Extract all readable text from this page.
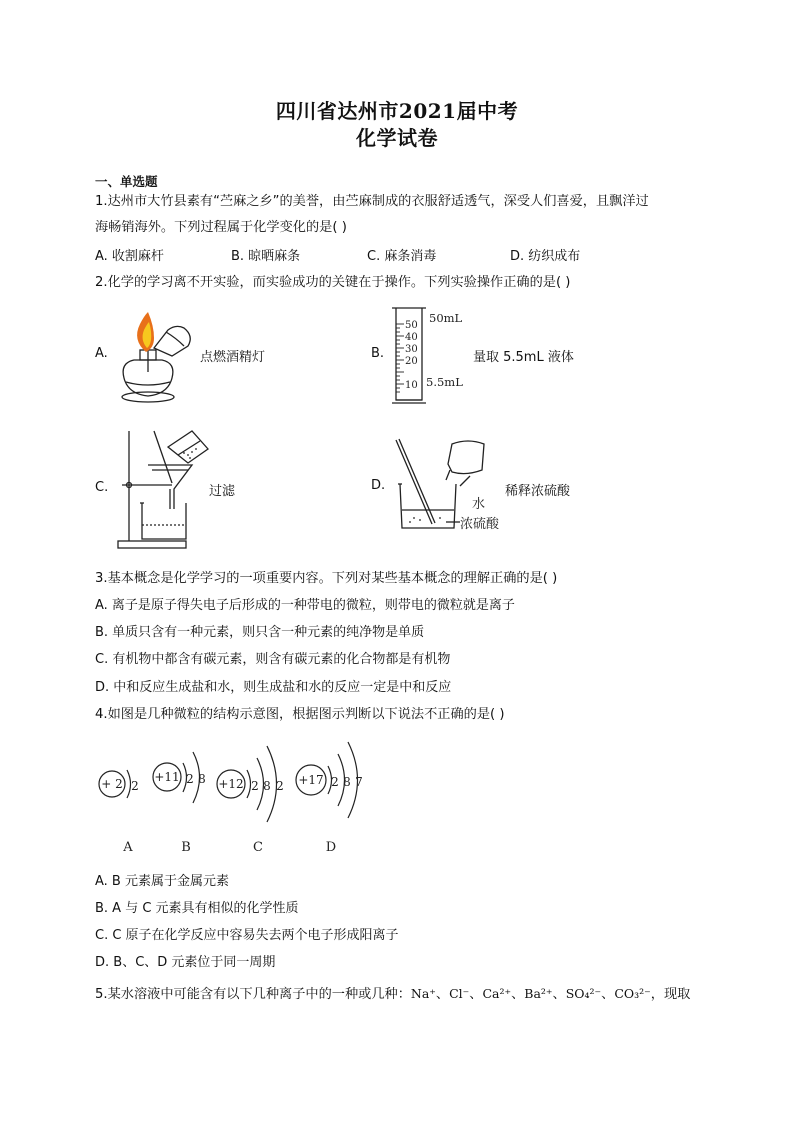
四川省达州市2021届中考
化学试卷
一、单选题
1.达州市大竹县素有“苎麻之乡”的美誉，由苎麻制成的衣服舒适透气，深受人们喜爱，且飘洋过
海畅销海外。下列过程属于化学变化的是( )
A. 收割麻杆	B. 晾晒麻条	C. 麻条消毒	D. 纺织成布
2.化学的学习离不开实验，而实验成功的关键在于操作。下列实验操作正确的是( )
A.	点燃酒精灯	B.
50
40
30
20
10
50mL
5.5mL
量取 5.5mL 液体
C.	过滤	D.
水
浓硫酸
稀释浓硫酸
3.基本概念是化学学习的一项重要内容。下列对某些基本概念的理解正确的是( )
A. 离子是原子得失电子后形成的一种带电的微粒，则带电的微粒就是离子
B. 单质只含有一种元素，则只含一种元素的纯净物是单质
C. 有机物中都含有碳元素，则含有碳元素的化合物都是有机物
D. 中和反应生成盐和水，则生成盐和水的反应一定是中和反应
4.如图是几种微粒的结构示意图，根据图示判断以下说法不正确的是( )
+ 2 2
+11 2 8 +12 2 8 2 +17 2 8 7
A	B	C	D
A. B 元素属于金属元素
B. A 与 C 元素具有相似的化学性质
C. C 原子在化学反应中容易失去两个电子形成阳离子
D. B、C、D 元素位于同一周期
5.某水溶液中可能含有以下几种离子中的一种或几种：Na⁺、Cl⁻、Ca²⁺、Ba²⁺、SO₄²⁻、CO₃²⁻，现取
